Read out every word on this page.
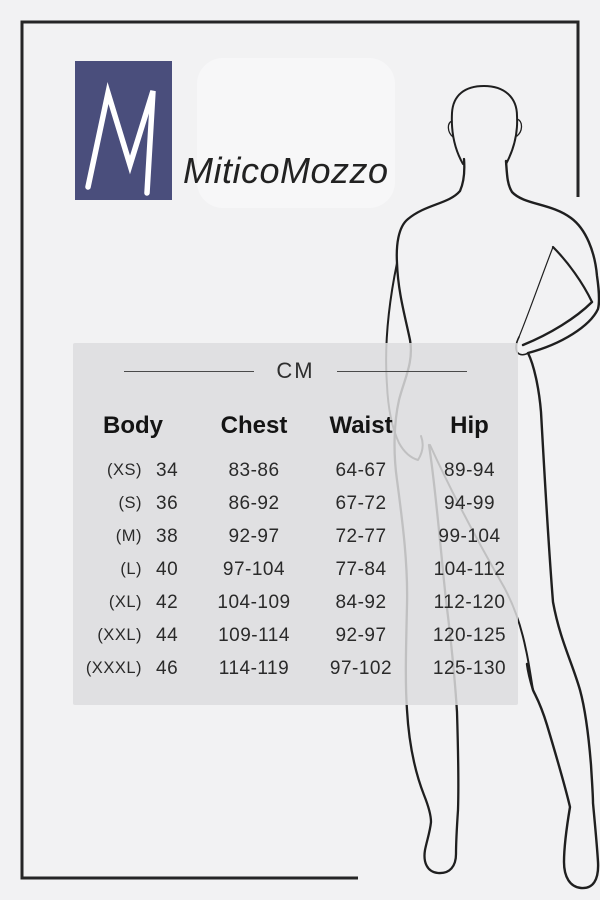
MiticoMozzo
CM
Body	Chest	Waist	Hip
(XS) 34	83-86	64-67	89-94
(S) 36	86-92	67-72	94-99
(M) 38	92-97	72-77	99-104
(L) 40	97-104	77-84	104-112
(XL) 42	104-109	84-92	112-120
(XXL) 44	109-114	92-97	120-125
(XXXL) 46	114-119	97-102	125-130
